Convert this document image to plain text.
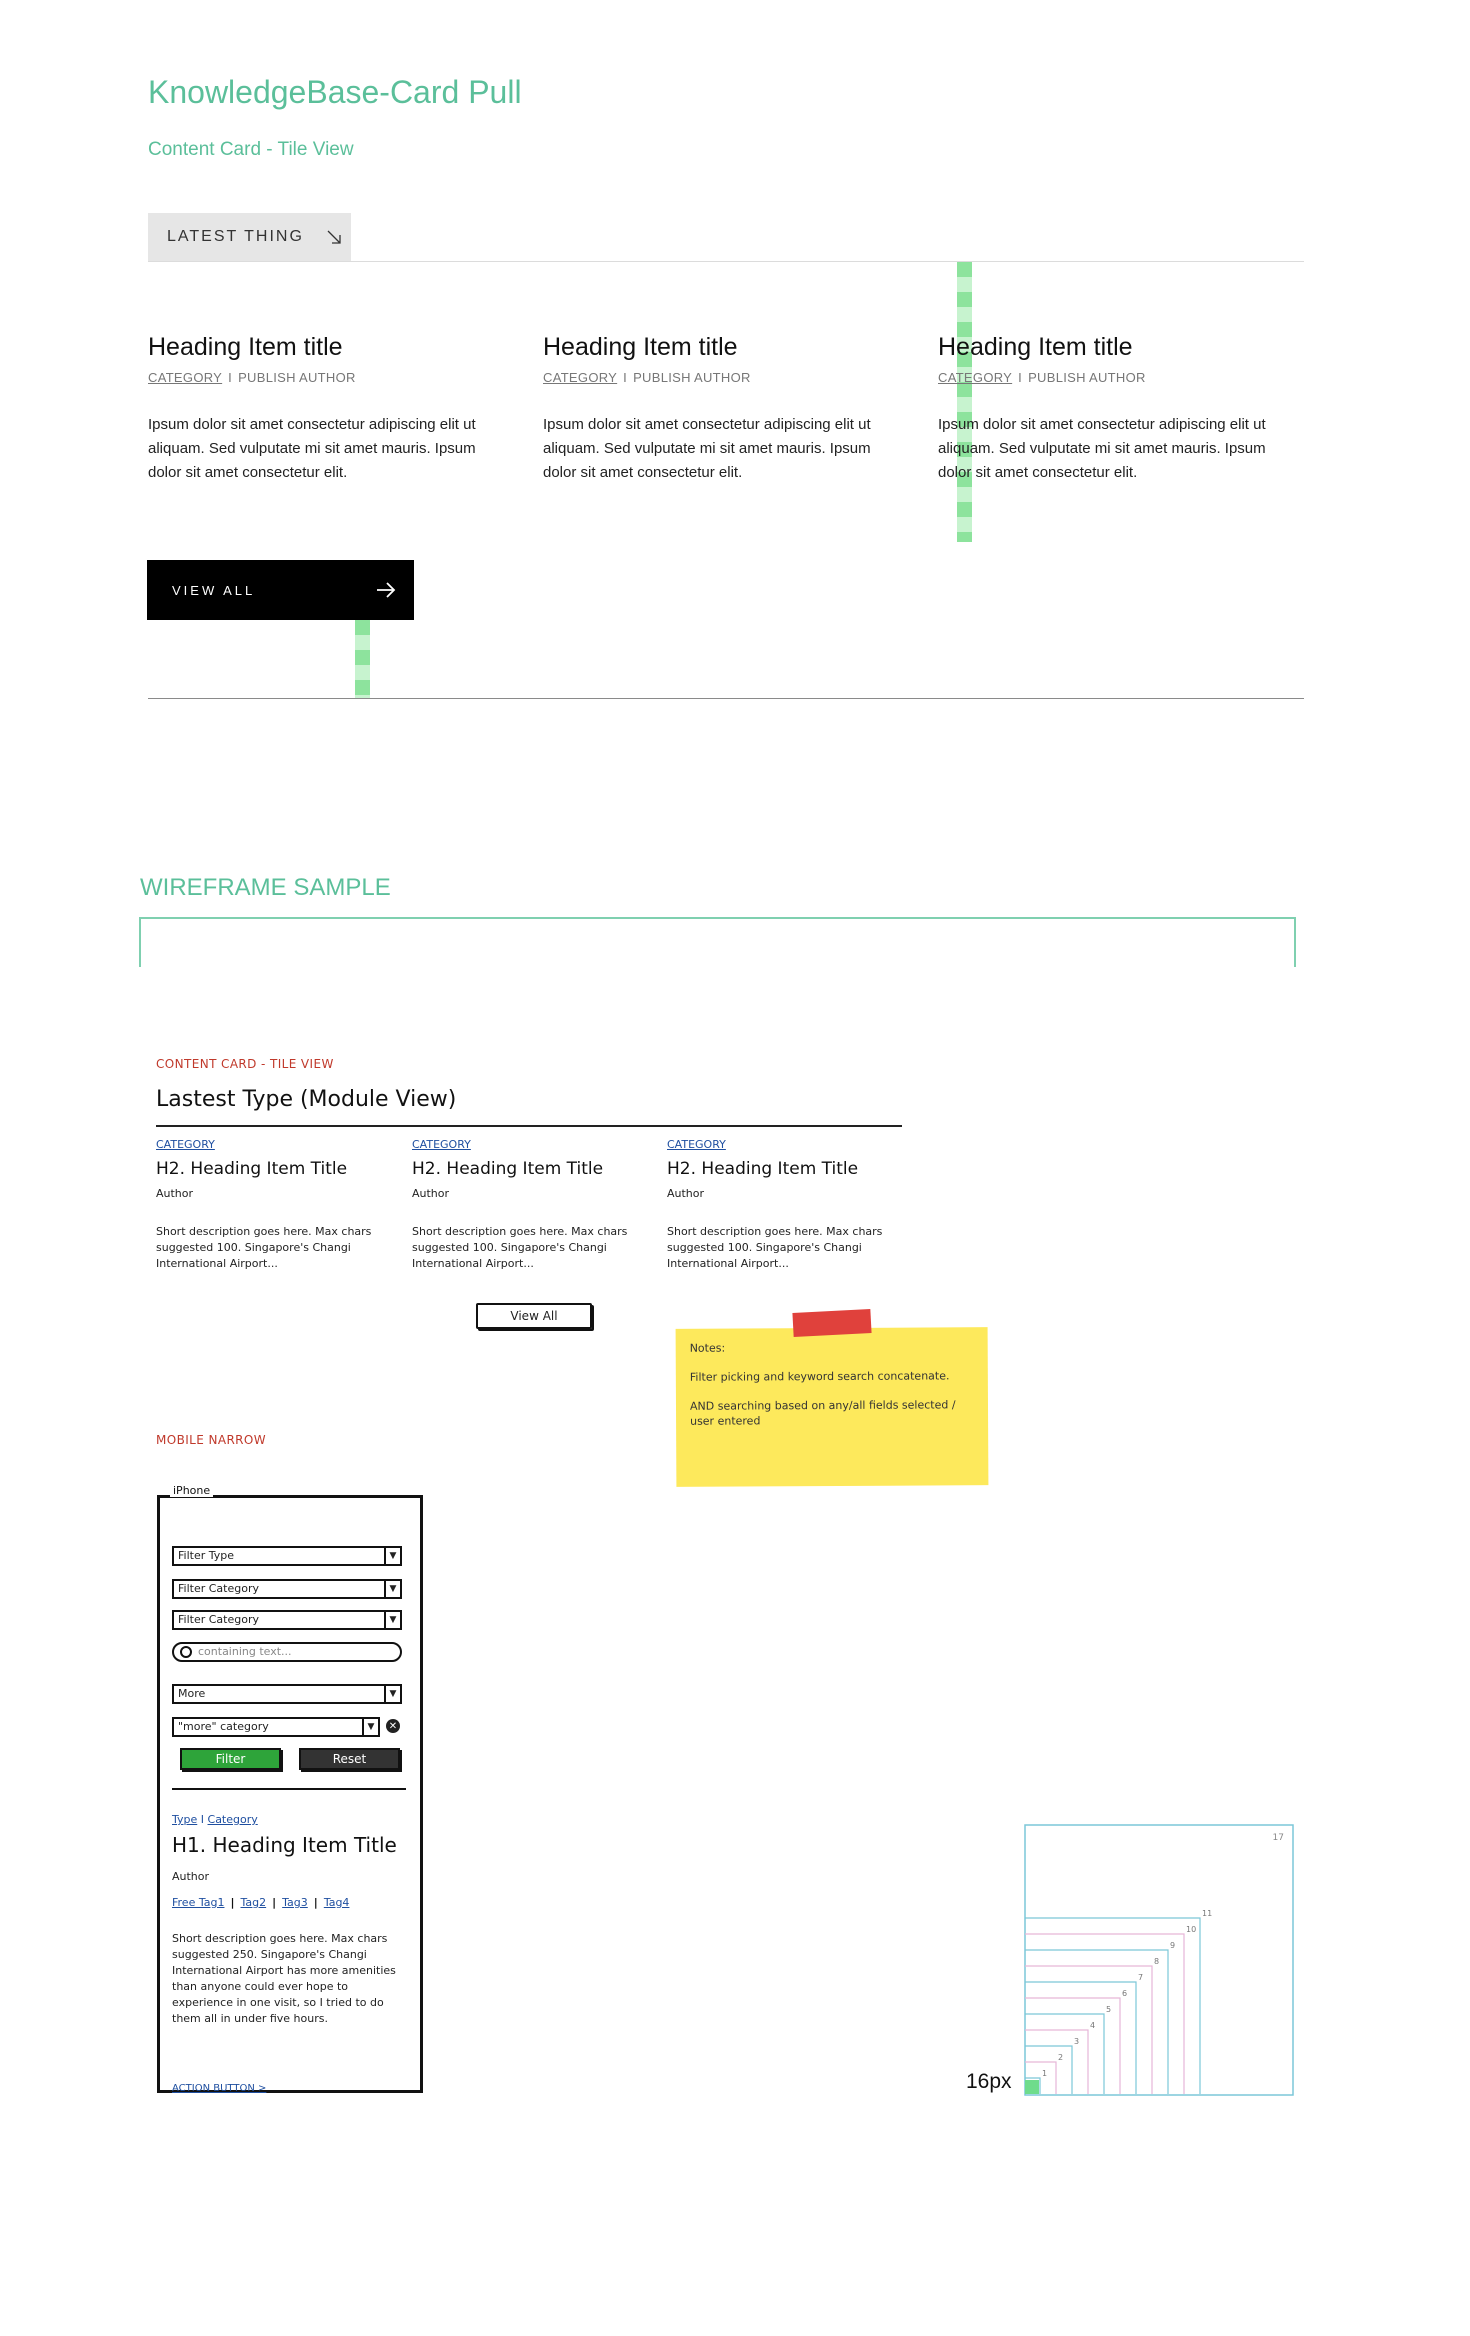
KnowledgeBase-Card Pull
Content Card - Tile View
LATEST THING
Heading Item title
CATEGORY I PUBLISH AUTHOR

Ipsum dolor sit amet consectetur adipiscing elit ut aliquam. Sed vulputate mi sit amet mauris. Ipsum dolor sit amet consectetur elit.

Heading Item title
CATEGORY I PUBLISH AUTHOR

Ipsum dolor sit amet consectetur adipiscing elit ut aliquam. Sed vulputate mi sit amet mauris. Ipsum dolor sit amet consectetur elit.

Heading Item title
CATEGORY I PUBLISH AUTHOR

Ipsum dolor sit amet consectetur adipiscing elit ut aliquam. Sed vulputate mi sit amet mauris. Ipsum dolor sit amet consectetur elit.

VIEW ALL
WIREFRAME SAMPLE
CONTENT CARD - TILE VIEW
Lastest Type (Module View)
CATEGORY
H2. Heading Item Title
Author
Short description goes here. Max chars suggested 100. Singapore's Changi International Airport...
CATEGORY
H2. Heading Item Title
Author
Short description goes here. Max chars suggested 100. Singapore's Changi International Airport...
CATEGORY
H2. Heading Item Title
Author
Short description goes here. Max chars suggested 100. Singapore's Changi International Airport...
View All
Notes:
Filter picking and keyword search concatenate.
AND searching based on any/all fields selected / user entered
MOBILE NARROW
Filter Type	▼
Filter Category	▼
Filter Category	▼
containing text...
More	▼
"more" category	▼	✕
Filter	Reset
Type I Category
H1. Heading Item Title
Author
Free Tag1 | Tag2 | Tag3 | Tag4
Short description goes here. Max chars suggested 250. Singapore's Changi International Airport has more amenities than anyone could ever hope to experience in one visit, so I tried to do them all in under five hours.
ACTION BUTTON >
iPhone
16px
17
1
2
3
4
5
6
7
8
9
10
11
